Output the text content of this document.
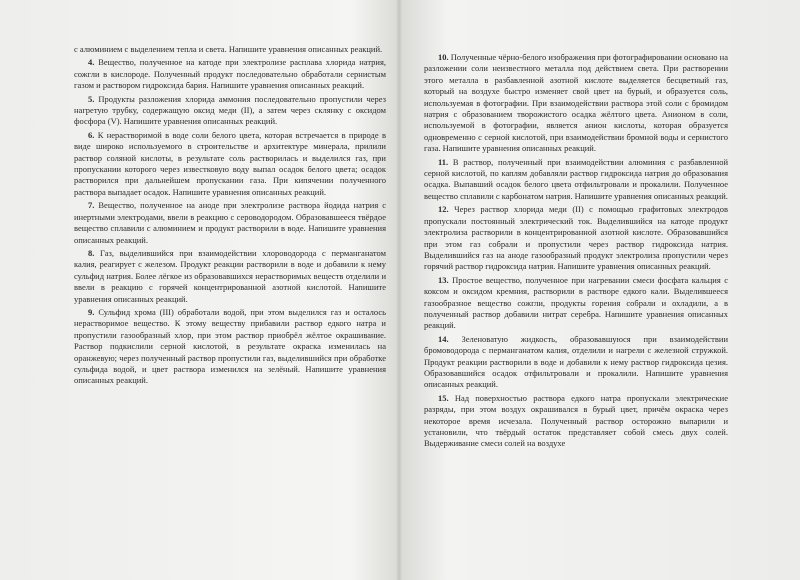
с алюминием с выделением тепла и света. Напишите уравнения описанных реакций.

4. Вещество, полученное на катоде при электролизе расплава хлорида натрия, сожгли в кислороде. Полученный продукт последовательно обработали сернистым газом и раствором гидроксида бария. Напишите уравнения описанных реакций.

5. Продукты разложения хлорида аммония последовательно пропустили через нагретую трубку, содержащую оксид меди (II), а затем через склянку с оксидом фосфора (V). Напишите уравнения описанных реакций.

6. К нерастворимой в воде соли белого цвета, которая встречается в природе в виде широко используемого в строительстве и архитектуре минерала, прилили раствор соляной кислоты, в результате соль растворилась и выделился газ, при пропускании которого через известковую воду выпал осадок белого цвета; осадок растворился при дальнейшем пропускании газа. При кипячении полученного раствора выпадает осадок. Напишите уравнения описанных реакций.

7. Вещество, полученное на аноде при электролизе раствора йодида натрия с инертными электродами, ввели в реакцию с сероводородом. Образовавшееся твёрдое вещество сплавили с алюминием и продукт растворили в воде. Напишите уравнения описанных реакций.

8. Газ, выделившийся при взаимодействии хлороводорода с перманганатом калия, реагирует с железом. Продукт реакции растворили в воде и добавили к нему сульфид натрия. Более лёгкое из образовавшихся нерастворимых веществ отделили и ввели в реакцию с горячей концентрированной азотной кислотой. Напишите уравнения описанных реакций.

9. Сульфид хрома (III) обработали водой, при этом выделился газ и осталось нерастворимое вещество. К этому веществу прибавили раствор едкого натра и пропустили газообразный хлор, при этом раствор приобрёл жёлтое окрашивание. Раствор подкислили серной кислотой, в результате окраска изменилась на оранжевую; через полученный раствор пропустили газ, выделившийся при обработке сульфида водой, и цвет раствора изменился на зелёный. Напишите уравнения описанных реакций.

10. Полученные чёрно-белого изображения при фотографировании основано на разложении соли неизвестного металла под действием света. При растворении этого металла в разбавленной азотной кислоте выделяется бесцветный газ, который на воздухе быстро изменяет свой цвет на бурый, и образуется соль, используемая в фотографии. При взаимодействии раствора этой соли с бромидом натрия с образованием творожистого осадка жёлтого цвета. Анионом в соли, используемой в фотографии, является анион кислоты, которая образуется одновременно с серной кислотой, при взаимодействии бромной воды и сернистого газа. Напишите уравнения описанных реакций.

11. В раствор, полученный при взаимодействии алюминия с разбавленной серной кислотой, по каплям добавляли раствор гидроксида натрия до образования осадка. Выпавший осадок белого цвета отфильтровали и прокалили. Полученное вещество сплавили с карбонатом натрия. Напишите уравнения описанных реакций.

12. Через раствор хлорида меди (II) с помощью графитовых электродов пропускали постоянный электрический ток. Выделившийся на катоде продукт электролиза растворили в концентрированной азотной кислоте. Образовавшийся при этом газ собрали и пропустили через раствор гидроксида натрия. Выделившийся газ на аноде газообразный продукт электролиза пропустили через горячий раствор гидроксида натрия. Напишите уравнения описанных реакций.

13. Простое вещество, полученное при нагревании смеси фосфата кальция с коксом и оксидом кремния, растворили в растворе едкого кали. Выделившееся газообразное вещество сожгли, продукты горения собрали и охладили, а в полученный раствор добавили нитрат серебра. Напишите уравнения описанных реакций.

14. Зеленоватую жидкость, образовавшуюся при взаимодействии бромоводорода с перманганатом калия, отделили и нагрели с железной стружкой. Продукт реакции растворили в воде и добавили к нему раствор гидроксида цезия. Образовавшийся осадок отфильтровали и прокалили. Напишите уравнения описанных реакций.

15. Над поверхностью раствора едкого натра пропускали электрические разряды, при этом воздух окрашивался в бурый цвет, причём окраска через некоторое время исчезала. Полученный раствор осторожно выпарили и установили, что твёрдый остаток представляет собой смесь двух солей. Выдерживание смеси солей на воздухе
